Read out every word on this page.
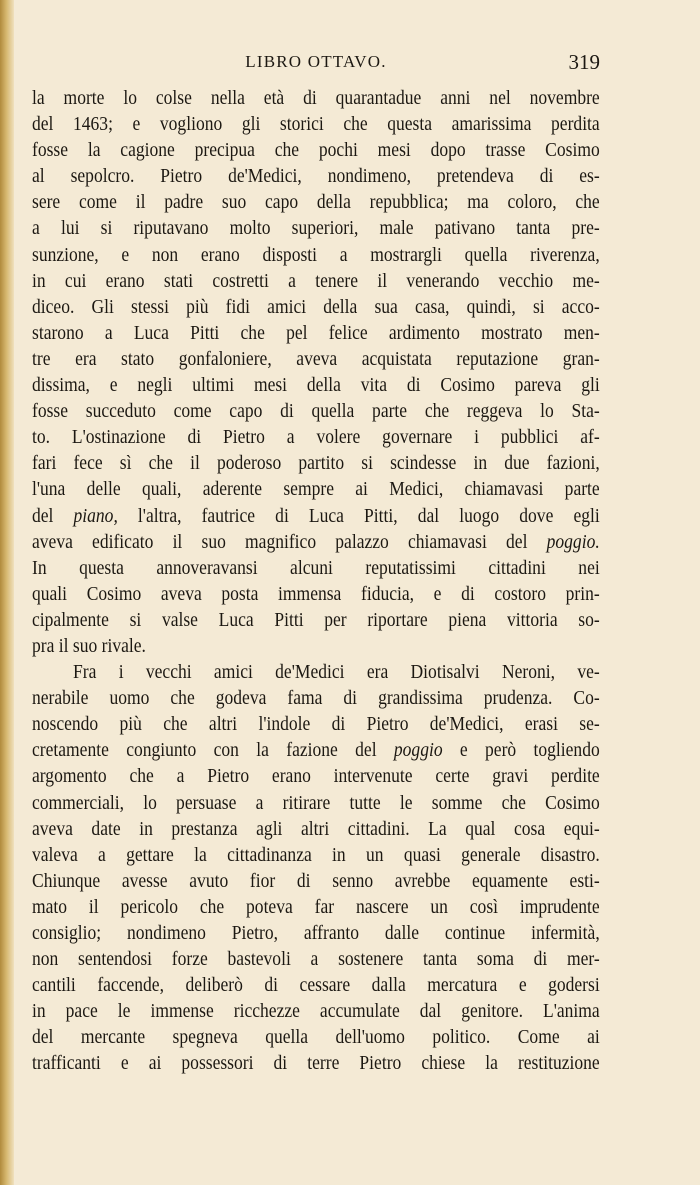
LIBRO OTTAVO.	319
la morte lo colse nella età di quarantadue anni nel novembre
del 1463; e vogliono gli storici che questa amarissima perdita
fosse la cagione precipua che pochi mesi dopo trasse Cosimo
al sepolcro. Pietro de'Medici, nondimeno, pretendeva di es-
sere come il padre suo capo della repubblica; ma coloro, che
a lui si riputavano molto superiori, male pativano tanta pre-
sunzione, e non erano disposti a mostrargli quella riverenza,
in cui erano stati costretti a tenere il venerando vecchio me-
diceo. Gli stessi più fidi amici della sua casa, quindi, si acco-
starono a Luca Pitti che pel felice ardimento mostrato men-
tre era stato gonfaloniere, aveva acquistata reputazione gran-
dissima, e negli ultimi mesi della vita di Cosimo pareva gli
fosse succeduto come capo di quella parte che reggeva lo Sta-
to. L'ostinazione di Pietro a volere governare i pubblici af-
fari fece sì che il poderoso partito si scindesse in due fazioni,
l'una delle quali, aderente sempre ai Medici, chiamavasi parte
del piano, l'altra, fautrice di Luca Pitti, dal luogo dove egli
aveva edificato il suo magnifico palazzo chiamavasi del poggio.
In questa annoveravansi alcuni reputatissimi cittadini nei
quali Cosimo aveva posta immensa fiducia, e di costoro prin-
cipalmente si valse Luca Pitti per riportare piena vittoria so-
pra il suo rivale.
Fra i vecchi amici de'Medici era Diotisalvi Neroni, ve-
nerabile uomo che godeva fama di grandissima prudenza. Co-
noscendo più che altri l'indole di Pietro de'Medici, erasi se-
cretamente congiunto con la fazione del poggio e però togliendo
argomento che a Pietro erano intervenute certe gravi perdite
commerciali, lo persuase a ritirare tutte le somme che Cosimo
aveva date in prestanza agli altri cittadini. La qual cosa equi-
valeva a gettare la cittadinanza in un quasi generale disastro.
Chiunque avesse avuto fior di senno avrebbe equamente esti-
mato il pericolo che poteva far nascere un così imprudente
consiglio; nondimeno Pietro, affranto dalle continue infermità,
non sentendosi forze bastevoli a sostenere tanta soma di mer-
cantili faccende, deliberò di cessare dalla mercatura e godersi
in pace le immense ricchezze accumulate dal genitore. L'anima
del mercante spegneva quella dell'uomo politico. Come ai
trafficanti e ai possessori di terre Pietro chiese la restituzione
